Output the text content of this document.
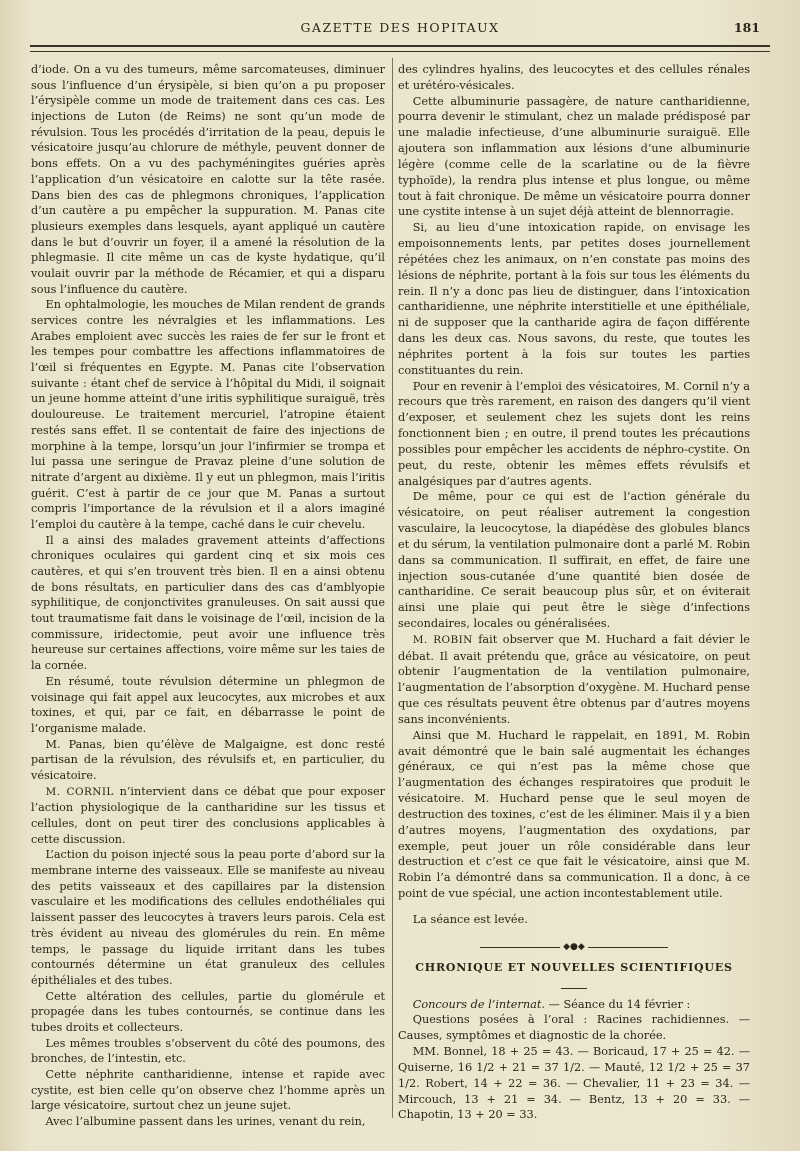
GAZETTE DES HOPITAUX	181

d’iode. On a vu des tumeurs, même sarcomateuses, diminuer sous l’influence d’un érysipèle, si bien qu’on a pu proposer l’érysipèle comme un mode de traitement dans ces cas. Les injections de Luton (de Reims) ne sont qu’un mode de révulsion. Tous les procédés d’irritation de la peau, depuis le vésicatoire jusqu’au chlorure de méthyle, peuvent donner de bons effets. On a vu des pachyméningites guéries après l’application d’un vésicatoire en calotte sur la tête rasée. Dans bien des cas de phlegmons chroniques, l’application d’un cautère a pu empêcher la suppuration. M. Panas cite plusieurs exemples dans lesquels, ayant appliqué un cautère dans le but d’ouvrir un foyer, il a amené la résolution de la phlegmasie. Il cite même un cas de kyste hydatique, qu’il voulait ouvrir par la méthode de Récamier, et qui a disparu sous l’influence du cautère.

En ophtalmologie, les mouches de Milan rendent de grands services contre les névralgies et les inflammations. Les Arabes emploient avec succès les raies de fer sur le front et les tempes pour combattre les affections inflammatoires de l’œil si fréquentes en Egypte. M. Panas cite l’observation suivante : étant chef de service à l’hôpital du Midi, il soignait un jeune homme atteint d’une iritis syphilitique suraiguë, très douloureuse. Le traitement mercuriel, l’atropine étaient restés sans effet. Il se contentait de faire des injections de morphine à la tempe, lorsqu’un jour l’infirmier se trompa et lui passa une seringue de Pravaz pleine d’une solution de nitrate d’argent au dixième. Il y eut un phlegmon, mais l’iritis guérit. C’est à partir de ce jour que M. Panas a surtout compris l’importance de la révulsion et il a alors imaginé l’emploi du cautère à la tempe, caché dans le cuir chevelu.

Il a ainsi des malades gravement atteints d’affections chroniques oculaires qui gardent cinq et six mois ces cautères, et qui s’en trouvent très bien. Il en a ainsi obtenu de bons résultats, en particulier dans des cas d’amblyopie syphilitique, de conjonctivites granuleuses. On sait aussi que tout traumatisme fait dans le voisinage de l’œil, incision de la commissure, iridectomie, peut avoir une influence très heureuse sur certaines affections, voire même sur les taies de la cornée.

En résumé, toute révulsion détermine un phlegmon de voisinage qui fait appel aux leucocytes, aux microbes et aux toxines, et qui, par ce fait, en débarrasse le point de l’organisme malade.

M. Panas, bien qu’élève de Malgaigne, est donc resté partisan de la révulsion, des révulsifs et, en particulier, du vésicatoire.

M. CORNIL n’intervient dans ce débat que pour exposer l’action physiologique de la cantharidine sur les tissus et cellules, dont on peut tirer des conclusions applicables à cette discussion.

L’action du poison injecté sous la peau porte d’abord sur la membrane interne des vaisseaux. Elle se manifeste au niveau des petits vaisseaux et des capillaires par la distension vasculaire et les modifications des cellules endothéliales qui laissent passer des leucocytes à travers leurs parois. Cela est très évident au niveau des glomérules du rein. En même temps, le passage du liquide irritant dans les tubes contournés détermine un état granuleux des cellules épithéliales et des tubes.

Cette altération des cellules, partie du glomérule et propagée dans les tubes contournés, se continue dans les tubes droits et collecteurs.

Les mêmes troubles s’observent du côté des poumons, des bronches, de l’intestin, etc.

Cette néphrite cantharidienne, intense et rapide avec cystite, est bien celle qu’on observe chez l’homme après un large vésicatoire, surtout chez un jeune sujet.

Avec l’albumine passent dans les urines, venant du rein,

des cylindres hyalins, des leucocytes et des cellules rénales et urétéro-vésicales.

Cette albuminurie passagère, de nature cantharidienne, pourra devenir le stimulant, chez un malade prédisposé par une maladie infectieuse, d’une albuminurie suraiguë. Elle ajoutera son inflammation aux lésions d’une albuminurie légère (comme celle de la scarlatine ou de la fièvre typhoïde), la rendra plus intense et plus longue, ou même tout à fait chronique. De même un vésicatoire pourra donner une cystite intense à un sujet déjà atteint de blennorragie.

Si, au lieu d’une intoxication rapide, on envisage les empoisonnements lents, par petites doses journellement répétées chez les animaux, on n’en constate pas moins des lésions de néphrite, portant à la fois sur tous les éléments du rein. Il n’y a donc pas lieu de distinguer, dans l’intoxication cantharidienne, une néphrite interstitielle et une épithéliale, ni de supposer que la cantharide agira de façon différente dans les deux cas. Nous savons, du reste, que toutes les néphrites portent à la fois sur toutes les parties constituantes du rein.

Pour en revenir à l’emploi des vésicatoires, M. Cornil n’y a recours que très rarement, en raison des dangers qu’il vient d’exposer, et seulement chez les sujets dont les reins fonctionnent bien ; en outre, il prend toutes les précautions possibles pour empêcher les accidents de néphro-cystite. On peut, du reste, obtenir les mêmes effets révulsifs et analgésiques par d’autres agents.

De même, pour ce qui est de l’action générale du vésicatoire, on peut réaliser autrement la congestion vasculaire, la leucocytose, la diapédèse des globules blancs et du sérum, la ventilation pulmonaire dont a parlé M. Robin dans sa communication. Il suffirait, en effet, de faire une injection sous-cutanée d’une quantité bien dosée de cantharidine. Ce serait beaucoup plus sûr, et on éviterait ainsi une plaie qui peut être le siège d’infections secondaires, locales ou généralisées.

M. ROBIN fait observer que M. Huchard a fait dévier le débat. Il avait prétendu que, grâce au vésicatoire, on peut obtenir l’augmentation de la ventilation pulmonaire, l’augmentation de l’absorption d’oxygène. M. Huchard pense que ces résultats peuvent être obtenus par d’autres moyens sans inconvénients.

Ainsi que M. Huchard le rappelait, en 1891, M. Robin avait démontré que le bain salé augmentait les échanges généraux, ce qui n’est pas la même chose que l’augmentation des échanges respiratoires que produit le vésicatoire. M. Huchard pense que le seul moyen de destruction des toxines, c’est de les éliminer. Mais il y a bien d’autres moyens, l’augmentation des oxydations, par exemple, peut jouer un rôle considérable dans leur destruction et c’est ce que fait le vésicatoire, ainsi que M. Robin l’a démontré dans sa communication. Il a donc, à ce point de vue spécial, une action incontestablement utile.

La séance est levée.

◆●◆
CHRONIQUE ET NOUVELLES SCIENTIFIQUES

Concours de l’internat. — Séance du 14 février :

Questions posées à l’oral : Racines rachidiennes. — Causes, symptômes et diagnostic de la chorée.

MM. Bonnel, 18 + 25 = 43. — Boricaud, 17 + 25 = 42. — Quiserne, 16 1/2 + 21 = 37 1/2. — Mauté, 12 1/2 + 25 = 37 1/2. Robert, 14 + 22 = 36. — Chevalier, 11 + 23 = 34. — Mircouch, 13 + 21 = 34. — Bentz, 13 + 20 = 33. — Chapotin, 13 + 20 = 33.
